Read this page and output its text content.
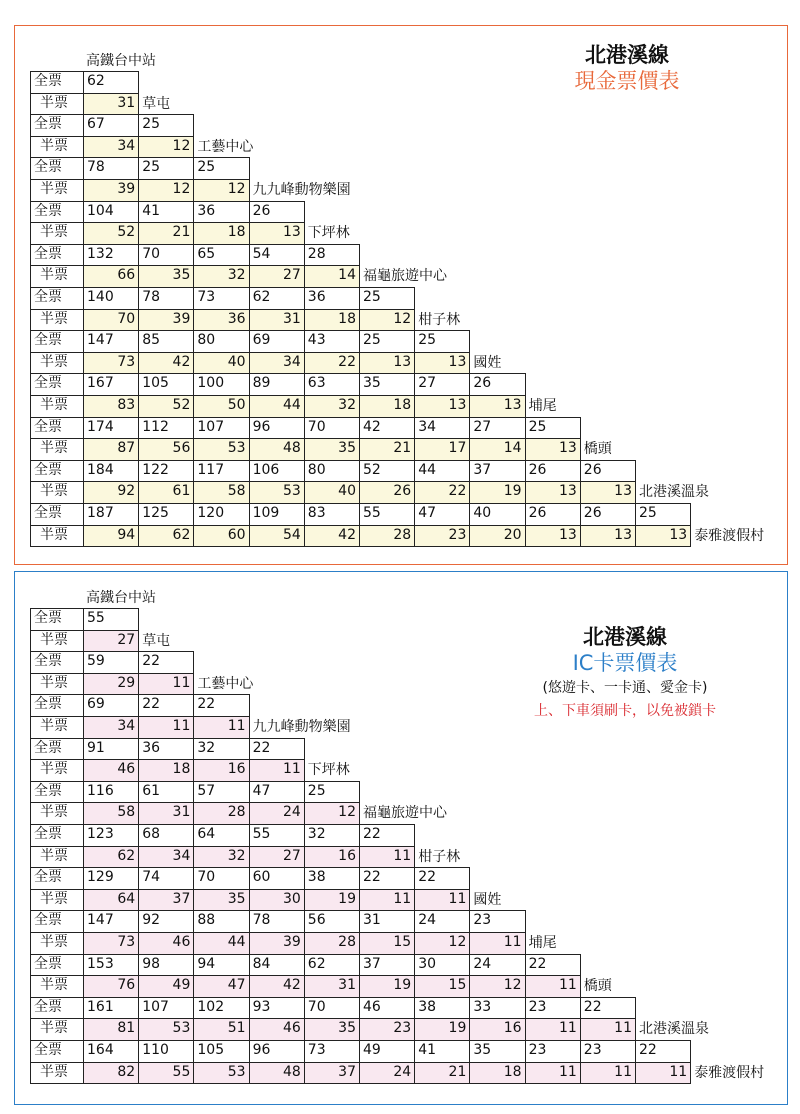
北港溪線
現金票價表
高鐵台中站
全票
半票
62
31 草屯
全票
半票
67
34
25
12 工藝中心
全票
半票
78
39
25
12
25
12 九九峰動物樂園
全票
半票
104
52
41
21
36
18
26
13 下坪林
全票
半票
132
66
70
35
65
32
54
27
28
14 福龜旅遊中心
全票
半票
140
70
78
39
73
36
62
31
36
18
25
12 柑子林
全票
半票
147
73
85
42
80
40
69
34
43
22
25
13
25
13 國姓
全票
半票
167
83
105
52
100
50
89
44
63
32
35
18
27
13
26
13 埔尾
全票
半票
174
87
112
56
107
53
96
48
70
35
42
21
34
17
27
14
25
13 橋頭
全票
半票
184
92
122
61
117
58
106
53
80
40
52
26
44
22
37
19
26
13
26
13 北港溪溫泉
全票
半票
187
94
125
62
120
60
109
54
83
42
55
28
47
23
40
20
26
13
26
13
25
13 泰雅渡假村
北港溪線
IC卡票價表
(悠遊卡、一卡通、愛金卡)
上、下車須刷卡，以免被鎖卡
高鐵台中站
全票
半票
55
27 草屯
全票
半票
59
29
22
11 工藝中心
全票
半票
69
34
22
11
22
11 九九峰動物樂園
全票
半票
91
46
36
18
32
16
22
11 下坪林
全票
半票
116
58
61
31
57
28
47
24
25
12 福龜旅遊中心
全票
半票
123
62
68
34
64
32
55
27
32
16
22
11 柑子林
全票
半票
129
64
74
37
70
35
60
30
38
19
22
11
22
11 國姓
全票
半票
147
73
92
46
88
44
78
39
56
28
31
15
24
12
23
11 埔尾
全票
半票
153
76
98
49
94
47
84
42
62
31
37
19
30
15
24
12
22
11 橋頭
全票
半票
161
81
107
53
102
51
93
46
70
35
46
23
38
19
33
16
23
11
22
11 北港溪溫泉
全票
半票
164
82
110
55
105
53
96
48
73
37
49
24
41
21
35
18
23
11
23
11
22
11 泰雅渡假村
